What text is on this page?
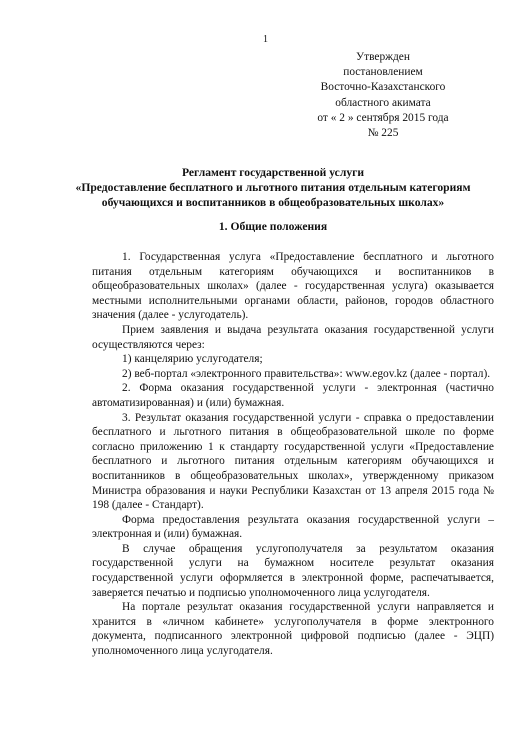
1
Утвержден
постановлением
Восточно-Казахстанского
областного акимата
от « 2 » сентября 2015 года
№ 225
Регламент государственной услуги
«Предоставление бесплатного и льготного питания отдельным категориям
обучающихся и воспитанников в общеобразовательных школах»
1. Общие положения

1. Государственная услуга «Предоставление бесплатного и льготного питания отдельным категориям обучающихся и воспитанников в общеобразовательных школах» (далее - государственная услуга) оказывается местными исполнительными органами области, районов, городов областного значения (далее - услугодатель).

Прием заявления и выдача результата оказания государственной услуги осуществляются через:

1) канцелярию услугодателя;

2) веб-портал «электронного правительства»: www.egov.kz (далее - портал).

2. Форма оказания государственной услуги - электронная (частично автоматизированная) и (или) бумажная.

3. Результат оказания государственной услуги - справка о предоставлении бесплатного и льготного питания в общеобразовательной школе по форме согласно приложению 1 к стандарту государственной услуги «Предоставление бесплатного и льготного питания отдельным категориям обучающихся и воспитанников в общеобразовательных школах», утвержденному приказом Министра образования и науки Республики Казахстан от 13 апреля 2015 года № 198 (далее - Стандарт).

Форма предоставления результата оказания государственной услуги – электронная и (или) бумажная.

В случае обращения услугополучателя за результатом оказания государственной услуги на бумажном носителе результат оказания государственной услуги оформляется в электронной форме, распечатывается, заверяется печатью и подписью уполномоченного лица услугодателя.

На портале результат оказания государственной услуги направляется и хранится в «личном кабинете» услугополучателя в форме электронного документа, подписанного электронной цифровой подписью (далее - ЭЦП) уполномоченного лица услугодателя.
